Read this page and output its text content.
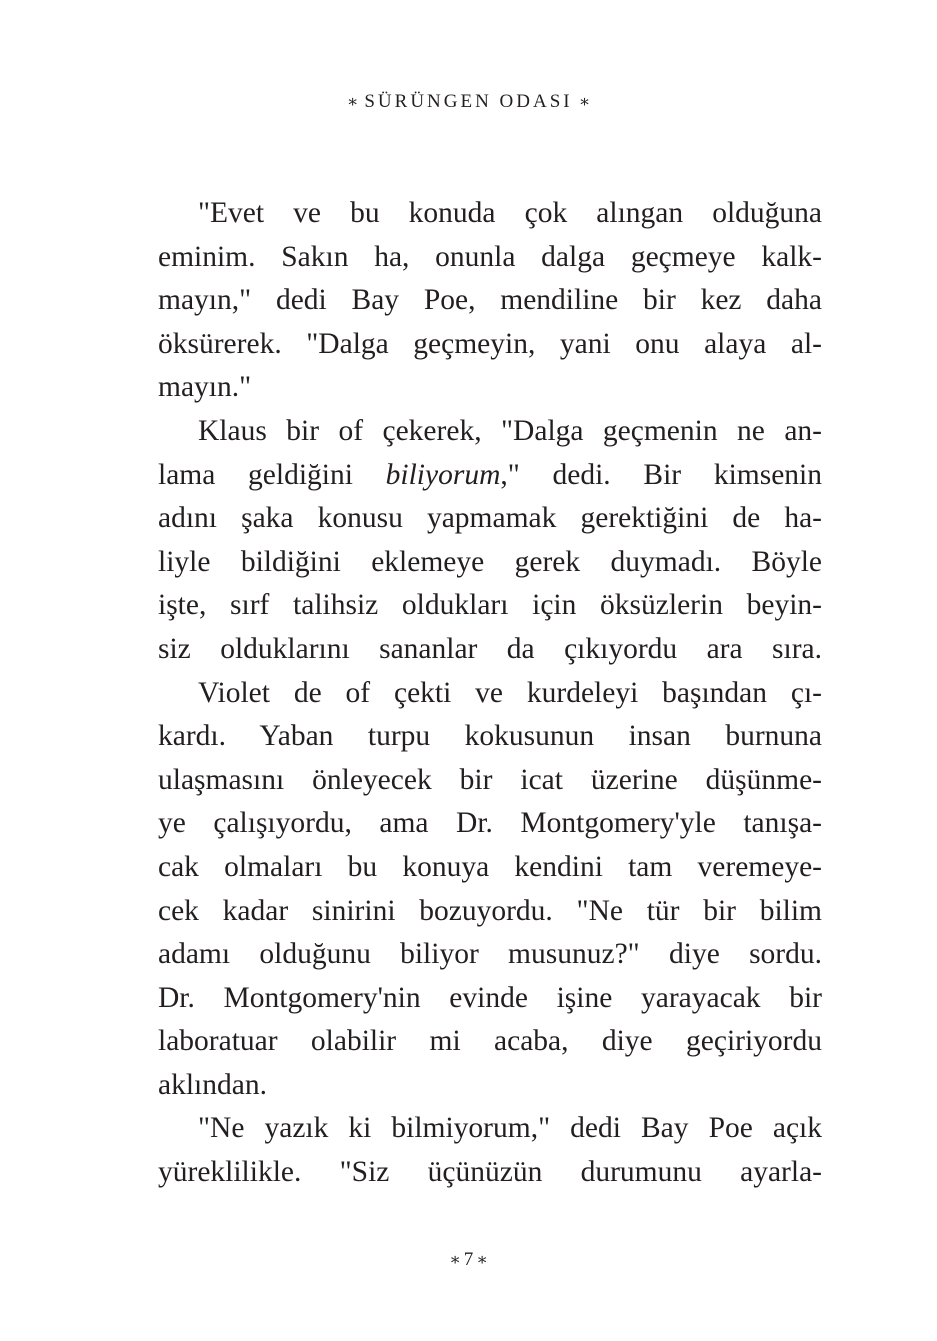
∗ SÜRÜNGEN ODASI ∗
"Evet ve bu konuda çok alıngan olduğuna
eminim. Sakın ha, onunla dalga geçmeye kalk-
mayın," dedi Bay Poe, mendiline bir kez daha
öksürerek. "Dalga geçmeyin, yani onu alaya al-
mayın."
Klaus bir of çekerek, "Dalga geçmenin ne an-
lama geldiğini biliyorum," dedi. Bir kimsenin
adını şaka konusu yapmamak gerektiğini de ha-
liyle bildiğini eklemeye gerek duymadı. Böyle
işte, sırf talihsiz oldukları için öksüzlerin beyin-
siz olduklarını sananlar da çıkıyordu ara sıra.
Violet de of çekti ve kurdeleyi başından çı-
kardı. Yaban turpu kokusunun insan burnuna
ulaşmasını önleyecek bir icat üzerine düşünme-
ye çalışıyordu, ama Dr. Montgomery'yle tanışa-
cak olmaları bu konuya kendini tam veremeye-
cek kadar sinirini bozuyordu. "Ne tür bir bilim
adamı olduğunu biliyor musunuz?" diye sordu.
Dr. Montgomery'nin evinde işine yarayacak bir
laboratuar olabilir mi acaba, diye geçiriyordu
aklından.
"Ne yazık ki bilmiyorum," dedi Bay Poe açık
yüreklilikle. "Siz üçünüzün durumunu ayarla-
∗ 7 ∗
